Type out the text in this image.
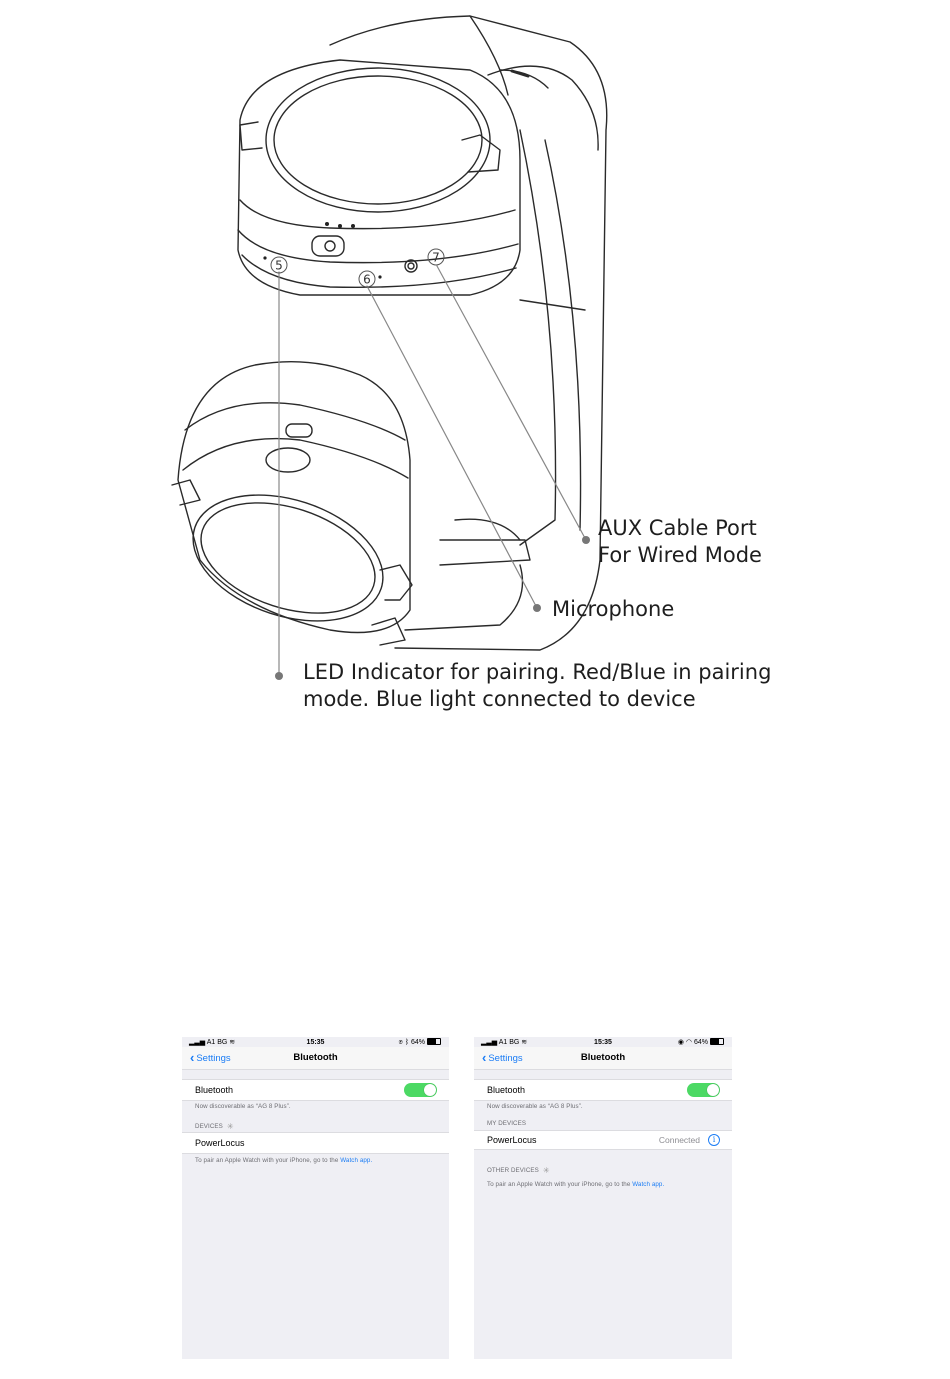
5
6
7
AUX Cable Port
For Wired Mode
Microphone
LED Indicator for pairing. Red/Blue in pairing
mode. Blue light connected to device
▂▃▅ A1 BG ≋	15:35	◉ ᛒ 64%
‹ Settings	Bluetooth
Bluetooth
Now discoverable as “AG 8 Plus”.
DEVICES ✳
PowerLocus
To pair an Apple Watch with your iPhone, go to the Watch app.
▂▃▅ A1 BG ≋	15:35	◉ ◠ 64%
‹ Settings	Bluetooth
Bluetooth
Now discoverable as “AG 8 Plus”.
MY DEVICES
PowerLocus	Connected	i
OTHER DEVICES ✳
To pair an Apple Watch with your iPhone, go to the Watch app.
